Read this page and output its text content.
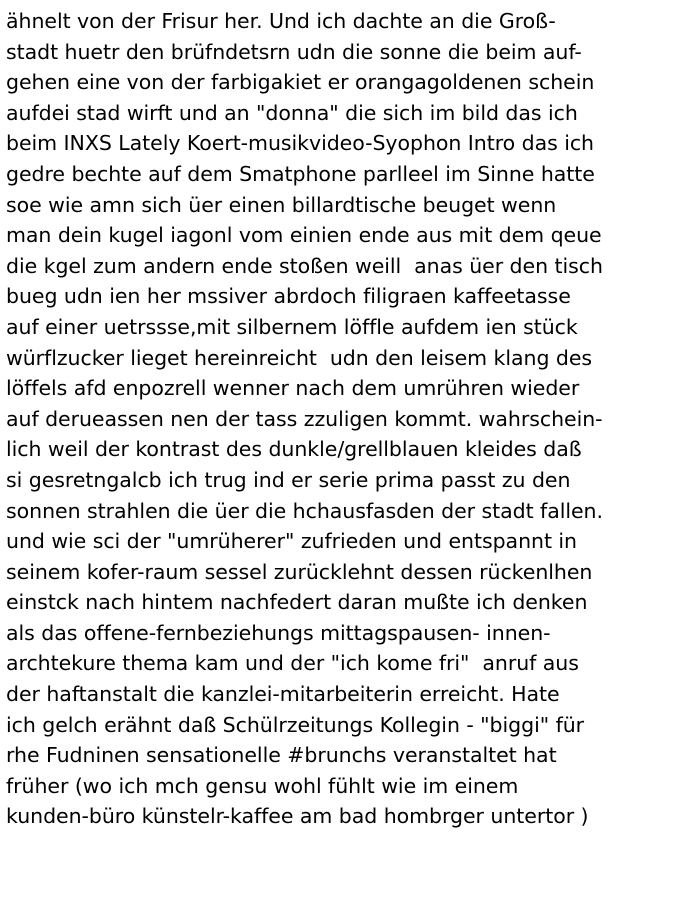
ähnelt von der Frisur her. Und ich dachte an die Groß-
stadt huetr den brüfndetsrn udn die sonne die beim auf-
gehen eine von der farbigakiet er orangagoldenen schein
aufdei stad wirft und an "donna" die sich im bild das ich
beim INXS Lately Koert-musikvideo-Syophon Intro das ich
gedre bechte auf dem Smatphone parlleel im Sinne hatte
soe wie amn sich üer einen billardtische beuget wenn
man dein kugel iagonl vom einien ende aus mit dem qeue
die kgel zum andern ende stoßen weill  anas üer den tisch
bueg udn ien her mssiver abrdoch filigraen kaffeetasse
auf einer uetrssse,mit silbernem löffle aufdem ien stück
würflzucker lieget hereinreicht  udn den leisem klang des
löffels afd enpozrell wenner nach dem umrühren wieder
auf derueassen nen der tass zzuligen kommt. wahrschein-
lich weil der kontrast des dunkle/grellblauen kleides daß
si gesretngalcb ich trug ind er serie prima passt zu den
sonnen strahlen die üer die hchausfasden der stadt fallen.
und wie sci der "umrüherer" zufrieden und entspannt in
seinem kofer-raum sessel zurücklehnt dessen rückenlhen
einstck nach hintem nachfedert daran mußte ich denken
als das offene-fernbeziehungs mittagspausen- innen-
archtekure thema kam und der "ich kome fri"  anruf aus
der haftanstalt die kanzlei-mitarbeiterin erreicht. Hate
ich gelch erähnt daß Schülrzeitungs Kollegin - "biggi" für
rhe Fudninen sensationelle #brunchs veranstaltet hat
früher (wo ich mch gensu wohl fühlt wie im einem
kunden-büro künstelr-kaffee am bad hombrger untertor )
